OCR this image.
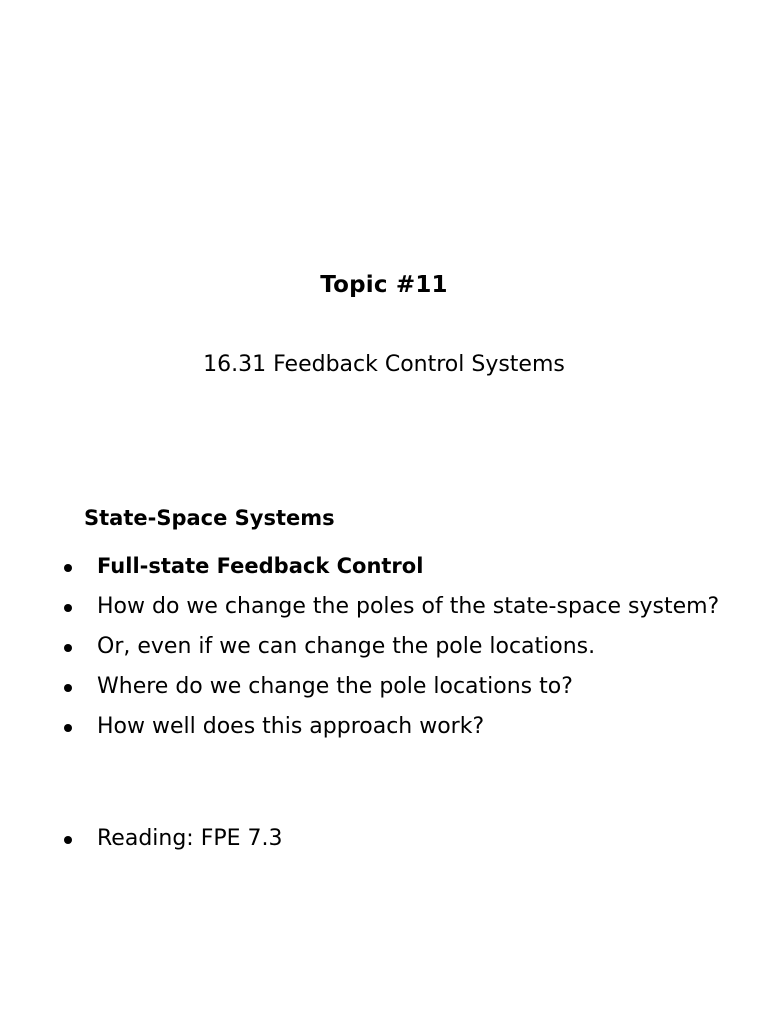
Topic #11
16.31 Feedback Control Systems
State-Space Systems
Full-state Feedback Control
How do we change the poles of the state-space system?
Or, even if we can change the pole locations.
Where do we change the pole locations to?
How well does this approach work?
Reading: FPE 7.3
